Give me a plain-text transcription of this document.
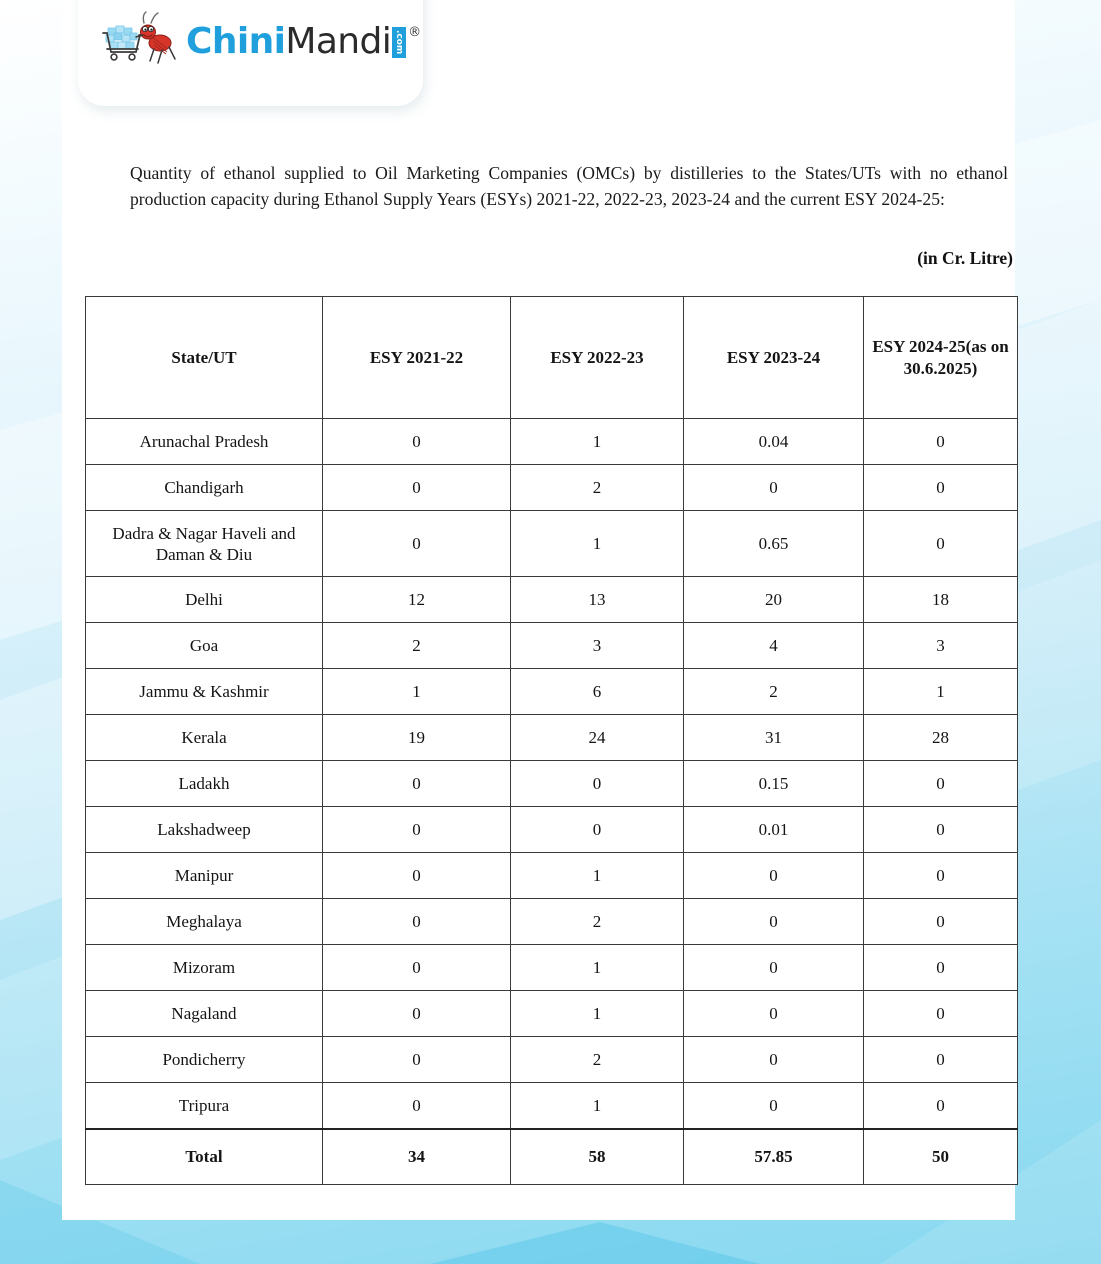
Chini Mandi .com ®

Quantity of ethanol supplied to Oil Marketing Companies (OMCs) by distilleries to the States/UTs with no ethanol production capacity during Ethanol Supply Years (ESYs) 2021-22, 2022-23, 2023-24 and the current ESY 2024-25:

(in Cr. Litre)
State/UT	ESY 2021-22	ESY 2022-23	ESY 2023-24	ESY 2024-25(as on 30.6.2025)
Arunachal Pradesh	0	1	0.04	0
Chandigarh	0	2	0	0
Dadra & Nagar Haveli and Daman & Diu	0	1	0.65	0
Delhi	12	13	20	18
Goa	2	3	4	3
Jammu & Kashmir	1	6	2	1
Kerala	19	24	31	28
Ladakh	0	0	0.15	0
Lakshadweep	0	0	0.01	0
Manipur	0	1	0	0
Meghalaya	0	2	0	0
Mizoram	0	1	0	0
Nagaland	0	1	0	0
Pondicherry	0	2	0	0
Tripura	0	1	0	0
Total	34	58	57.85	50
